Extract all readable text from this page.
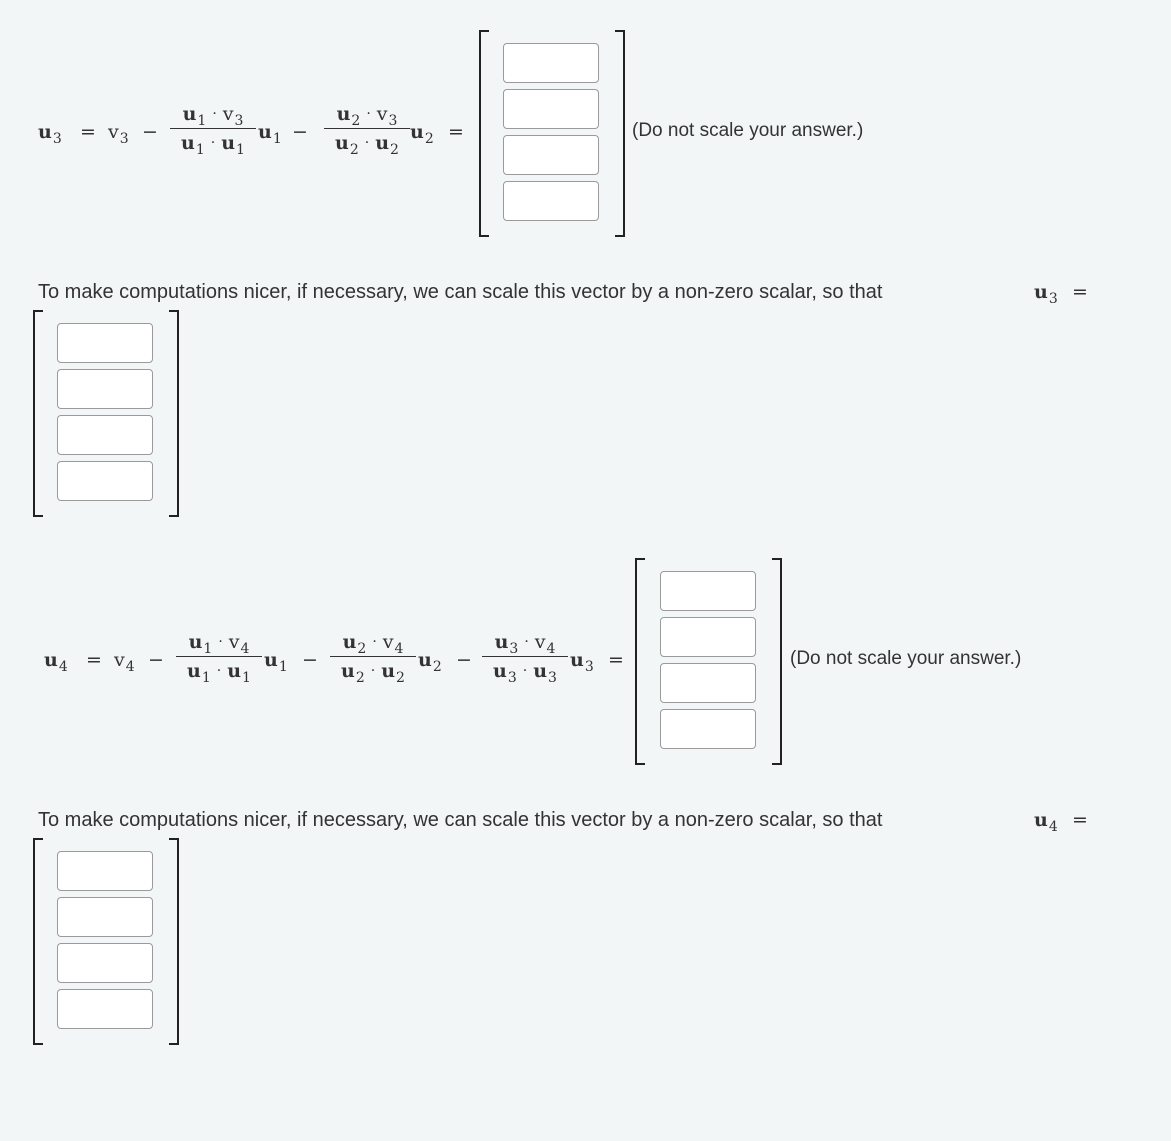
$u_3 = v_3$ −
$u_1 \cdot v_3$
$u_1 \cdot u_1$
$u_1$ −
$u_2 \cdot v_3$
$u_2 \cdot u_2$
$u_2$ =	(Do not scale your answer.)
To make computations nicer, if necessary, we can scale this vector by a non-zero scalar, so that	$u_3$ =
$u_4 = v_4$ −
$u_1 \cdot v_4$
$u_1 \cdot u_1$
$u_1$ −
$u_2 \cdot v_4$
$u_2 \cdot u_2$
$u_2$ −
$u_3 \cdot v_4$
$u_3 \cdot u_3$
$u_3$ =	(Do not scale your answer.)
To make computations nicer, if necessary, we can scale this vector by a non-zero scalar, so that	$u_4$ =
